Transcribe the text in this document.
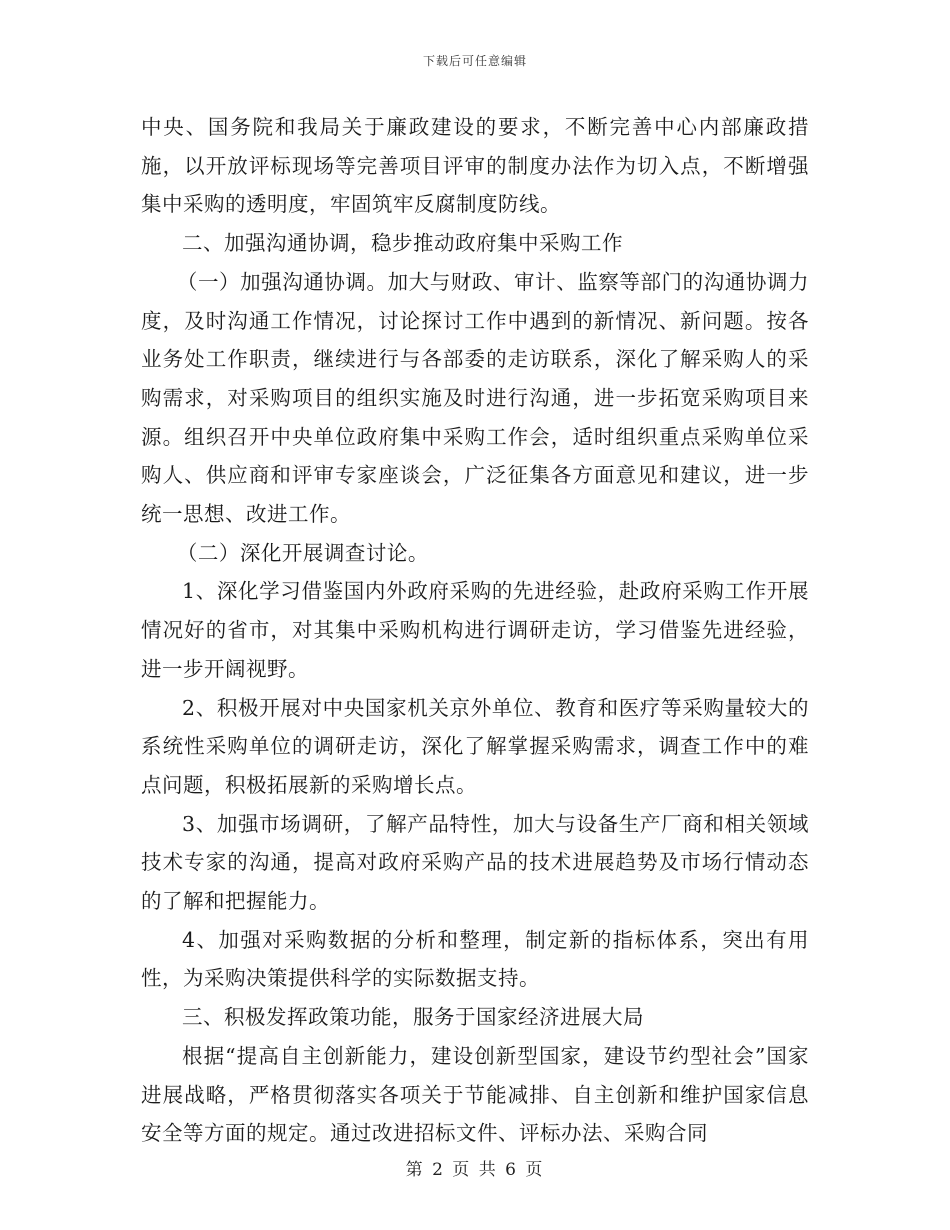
下载后可任意编辑

中央、国务院和我局关于廉政建设的要求，不断完善中心内部廉政措施，以开放评标现场等完善项目评审的制度办法作为切入点，不断增强集中采购的透明度，牢固筑牢反腐制度防线。

二、加强沟通协调，稳步推动政府集中采购工作

（一）加强沟通协调。加大与财政、审计、监察等部门的沟通协调力度，及时沟通工作情况，讨论探讨工作中遇到的新情况、新问题。按各业务处工作职责，继续进行与各部委的走访联系，深化了解采购人的采购需求，对采购项目的组织实施及时进行沟通，进一步拓宽采购项目来源。组织召开中央单位政府集中采购工作会，适时组织重点采购单位采购人、供应商和评审专家座谈会，广泛征集各方面意见和建议，进一步统一思想、改进工作。

（二）深化开展调查讨论。

1、深化学习借鉴国内外政府采购的先进经验，赴政府采购工作开展情况好的省市，对其集中采购机构进行调研走访，学习借鉴先进经验，进一步开阔视野。

2、积极开展对中央国家机关京外单位、教育和医疗等采购量较大的系统性采购单位的调研走访，深化了解掌握采购需求，调查工作中的难点问题，积极拓展新的采购增长点。

3、加强市场调研，了解产品特性，加大与设备生产厂商和相关领域技术专家的沟通，提高对政府采购产品的技术进展趋势及市场行情动态的了解和把握能力。

4、加强对采购数据的分析和整理，制定新的指标体系，突出有用性，为采购决策提供科学的实际数据支持。

三、积极发挥政策功能，服务于国家经济进展大局

根据“提高自主创新能力，建设创新型国家，建设节约型社会”国家进展战略，严格贯彻落实各项关于节能减排、自主创新和维护国家信息安全等方面的规定。通过改进招标文件、评标办法、采购合同

第 2 页 共 6 页
